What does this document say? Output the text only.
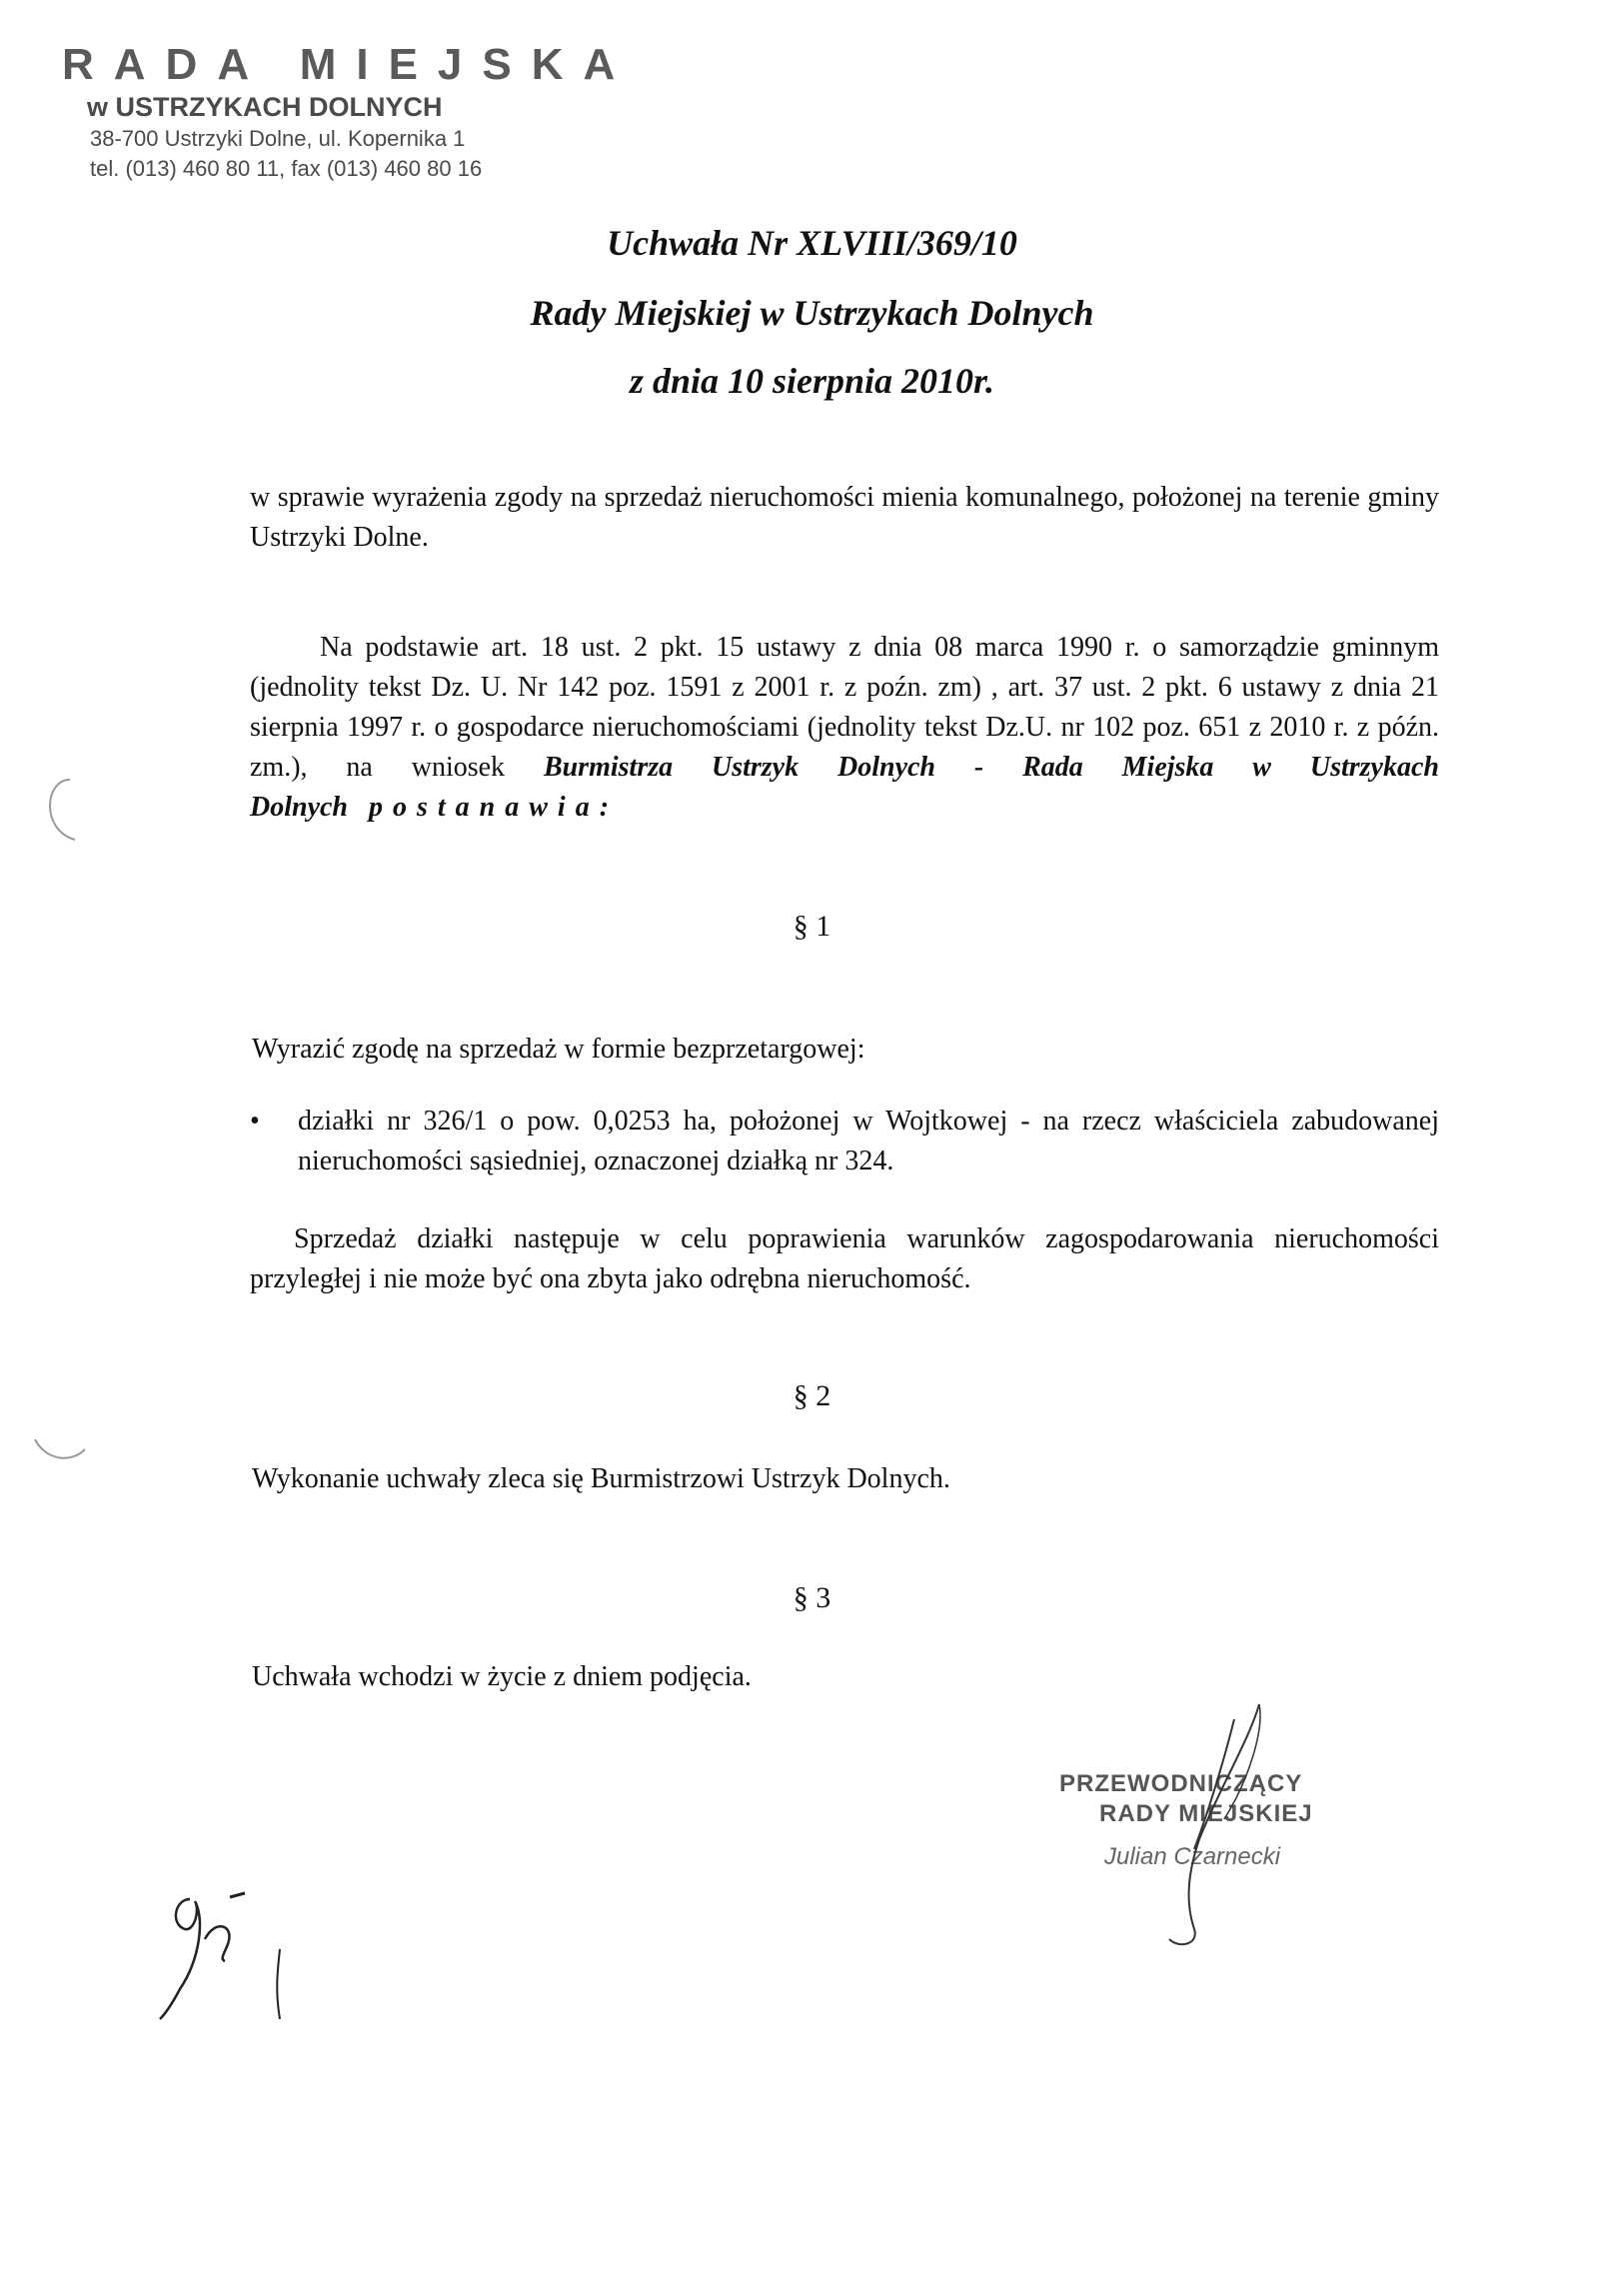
RADA MIEJSKA
w USTRZYKACH DOLNYCH
38-700 Ustrzyki Dolne, ul. Kopernika 1
tel. (013) 460 80 11, fax (013) 460 80 16
Uchwała Nr XLVIII/369/10
Rady Miejskiej w Ustrzykach Dolnych
z dnia 10 sierpnia 2010r.
w sprawie wyrażenia zgody na sprzedaż nieruchomości mienia komunalnego, położonej na terenie gminy Ustrzyki Dolne.
Na podstawie art. 18 ust. 2 pkt. 15 ustawy z dnia 08 marca 1990 r. o samorządzie gminnym (jednolity tekst Dz. U. Nr 142 poz. 1591 z 2001 r. z poźn. zm) , art. 37 ust. 2 pkt. 6 ustawy z dnia 21 sierpnia 1997 r. o gospodarce nieruchomościami (jednolity tekst Dz.U. nr 102 poz. 651 z 2010 r. z późn. zm.), na wniosek Burmistrza Ustrzyk Dolnych - Rada Miejska w Ustrzykach Dolnych postanawia:
§ 1
Wyrazić zgodę na sprzedaż w formie bezprzetargowej:
• działki nr 326/1 o pow. 0,0253 ha, położonej w Wojtkowej - na rzecz właściciela zabudowanej nieruchomości sąsiedniej, oznaczonej działką nr 324.
Sprzedaż działki następuje w celu poprawienia warunków zagospodarowania nieruchomości przyległej i nie może być ona zbyta jako odrębna nieruchomość.
§ 2
Wykonanie uchwały zleca się Burmistrzowi Ustrzyk Dolnych.
§ 3
Uchwała wchodzi w życie z dniem podjęcia.
PRZEWODNICZĄCY
RADY MIEJSKIEJ
Julian Czarnecki
